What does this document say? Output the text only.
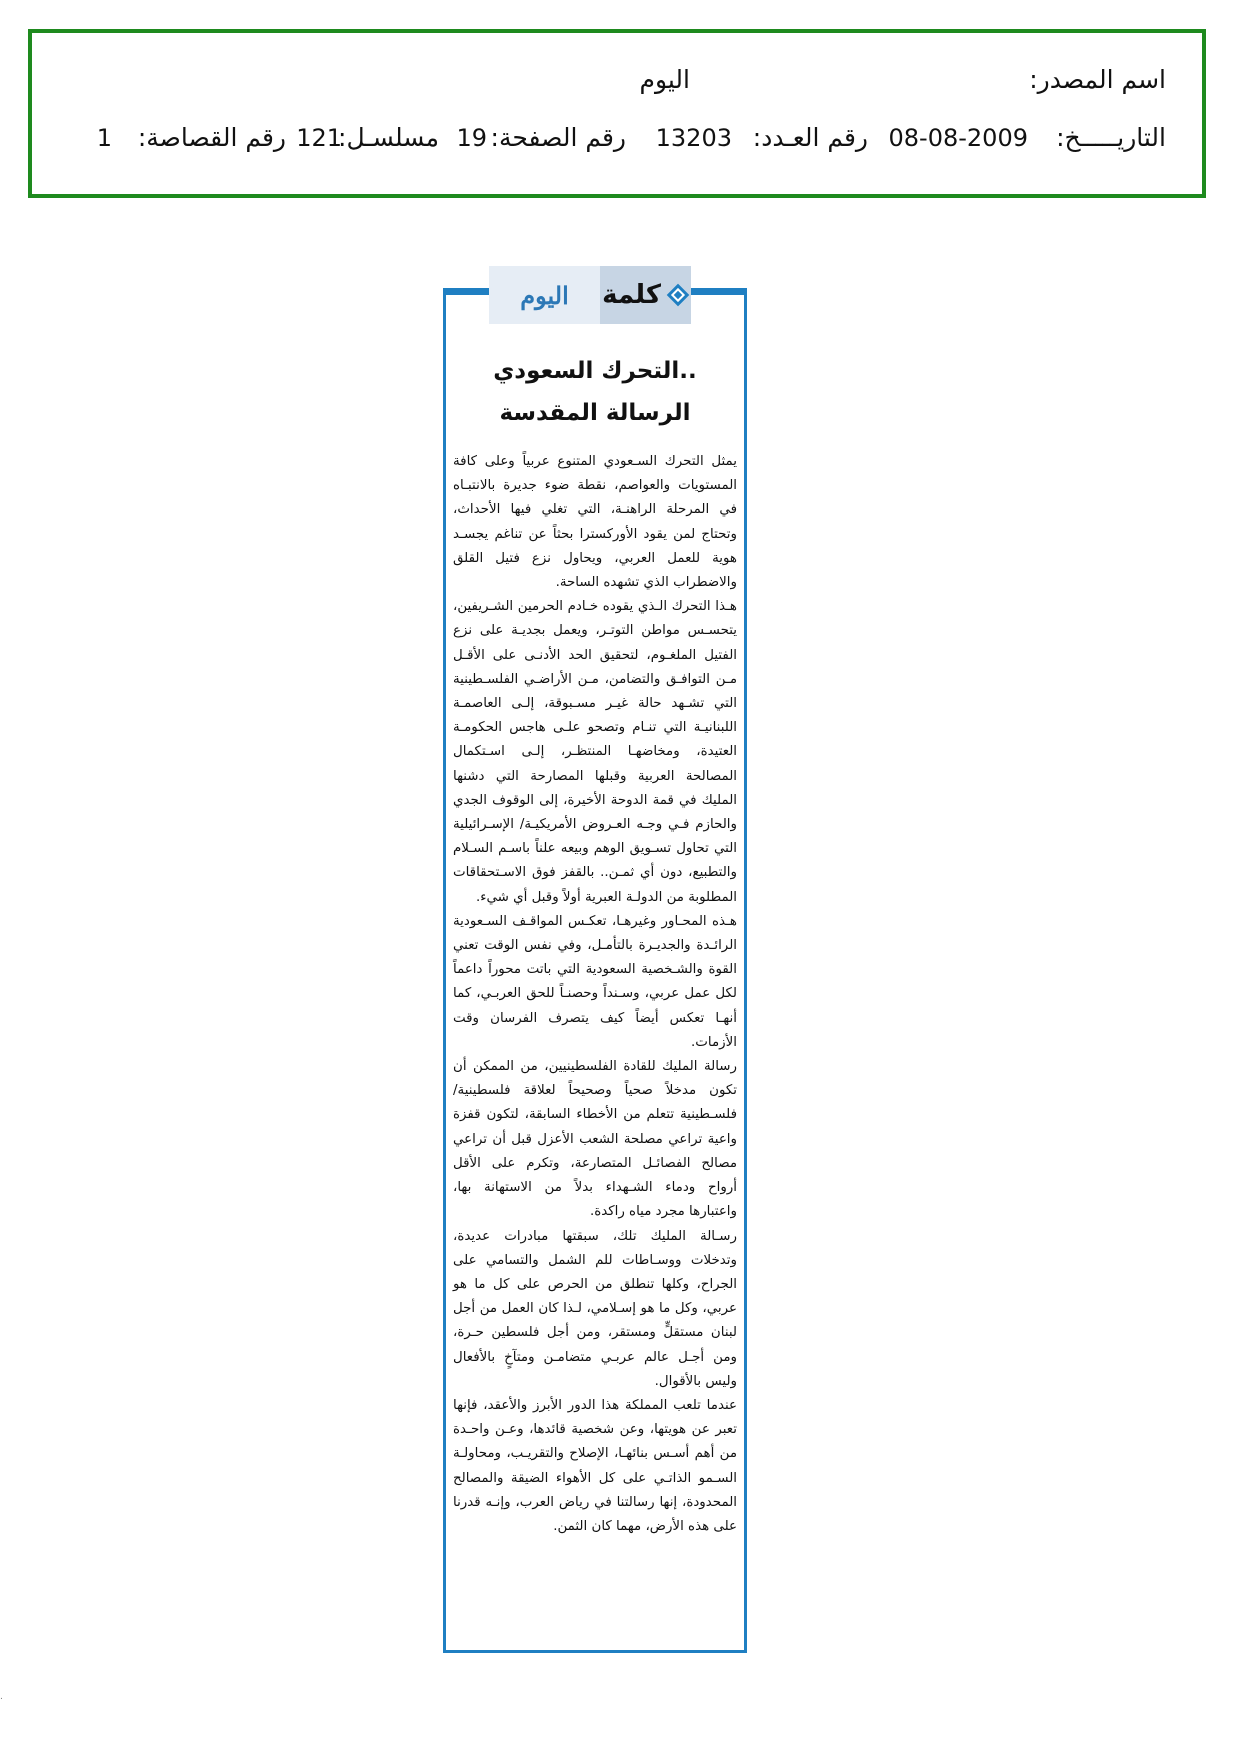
اسم المصدر:
اليوم
التاريـــــخ:
08-08-2009
رقم العـدد:
13203
رقم الصفحة:
19
مسلسـل:
121
رقم القصاصة:
1
اليوم	كلمة
..التحرك السعودي
الرسالة المقدسة

يمثل التحرك السـعودي المتنوع عربياً وعلى كافة المستويات والعواصم، نقطة ضوء جديرة بالانتبـاه في المرحلة الراهنـة، التي تغلي فيها الأحداث، وتحتاج لمن يقود الأوركسترا بحثاً عن تناغم يجسـد هوية للعمل العربي، ويحاول نزع فتيل القلق والاضطراب الذي تشهده الساحة.

هـذا التحرك الـذي يقوده خـادم الحرمين الشـريفين، يتحسـس مواطن التوتـر، ويعمل بجديـة على نزع الفتيل الملغـوم، لتحقيق الحد الأدنـى على الأقـل مـن التوافـق والتضامن، مـن الأراضـي الفلسـطينية التي تشـهد حالة غيـر مسـبوقة، إلـى العاصمـة اللبنانيـة التي تنـام وتصحو علـى هاجس الحكومـة العتيدة، ومخاضهـا المنتظـر، إلـى اسـتكمال المصالحة العربية وقبلها المصارحة التي دشنها المليك في قمة الدوحة الأخيرة، إلى الوقوف الجدي والحازم فـي وجـه العـروض الأمريكيـة/ الإسـرائيلية التي تحاول تسـويق الوهم وبيعه علناً باسـم السـلام والتطبيع، دون أي ثمـن.. بالقفز فوق الاسـتحقاقات المطلوبة من الدولـة العبرية أولاً وقبل أي شيء.

هـذه المحـاور وغيرهـا، تعكـس المواقـف السـعودية الرائـدة والجديـرة بالتأمـل، وفي نفس الوقت تعني القوة والشـخصية السعودية التي باتت محوراً داعماً لكل عمل عربي، وسـنداً وحصنـاً للحق العربـي، كما أنهـا تعكس أيضاً كيف يتصرف الفرسان وقت الأزمات.

رسالة المليك للقادة الفلسطينيين، من الممكن أن تكون مدخلاً صحياً وصحيحاً لعلاقة فلسطينية/ فلسـطينية تتعلم من الأخطاء السابقة، لتكون قفزة واعية تراعي مصلحة الشعب الأعزل قبل أن تراعي مصالح الفصائـل المتصارعة، وتكرم على الأقل أرواح ودماء الشـهداء بدلاً من الاستهانة بها، واعتبارها مجرد مياه راكدة.

رسـالة المليك تلك، سبقتها مبادرات عديدة، وتدخلات ووسـاطات للم الشمل والتسامي على الجراح، وكلها تنطلق من الحرص على كل ما هو عربي، وكل ما هو إسـلامي، لـذا كان العمل من أجل لبنان مستقلٍّ ومستقر، ومن أجل فلسطين حـرة، ومن أجـل عالم عربـي متضامـن ومتآخٍ بالأفعال وليس بالأقوال.

عندما تلعب المملكة هذا الدور الأبرز والأعقد، فإنها تعبر عن هويتها، وعن شخصية قائدها، وعـن واحـدة من أهم أسـس بنائهـا، الإصلاح والتقريـب، ومحاولـة السـمو الذاتـي على كل الأهواء الضيقة والمصالح المحدودة، إنها رسالتنا في رياض العرب، وإنـه قدرنا على هذه الأرض، مهما كان الثمن.

.
